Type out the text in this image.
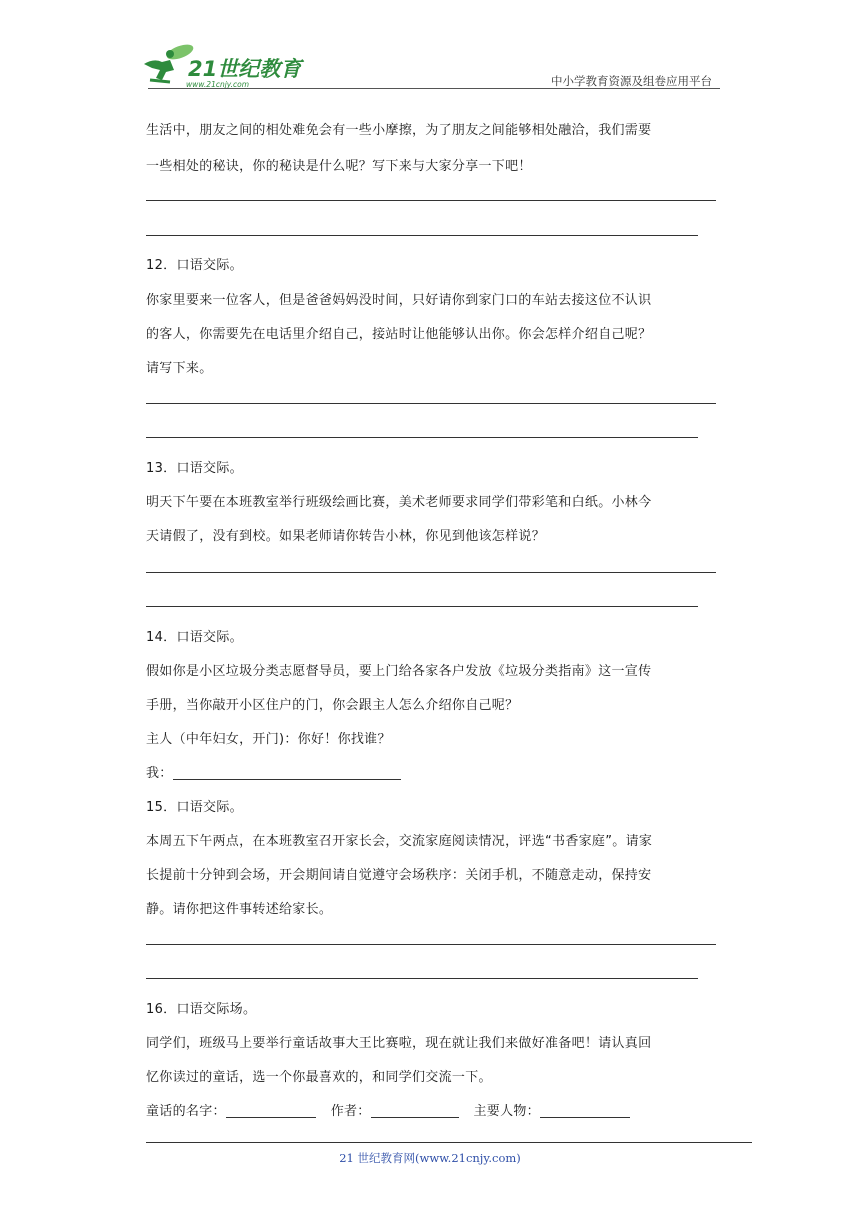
21世纪教育
www.21cnjy.com	中小学教育资源及组卷应用平台
生活中，朋友之间的相处难免会有一些小摩擦，为了朋友之间能够相处融洽，我们需要
一些相处的秘诀，你的秘诀是什么呢？写下来与大家分享一下吧！
12．口语交际。
你家里要来一位客人，但是爸爸妈妈没时间，只好请你到家门口的车站去接这位不认识
的客人，你需要先在电话里介绍自己，接站时让他能够认出你。你会怎样介绍自己呢？
请写下来。
13．口语交际。
明天下午要在本班教室举行班级绘画比赛，美术老师要求同学们带彩笔和白纸。小林今
天请假了，没有到校。如果老师请你转告小林，你见到他该怎样说？
14．口语交际。
假如你是小区垃圾分类志愿督导员，要上门给各家各户发放《垃圾分类指南》这一宣传
手册，当你敲开小区住户的门，你会跟主人怎么介绍你自己呢？
主人（中年妇女，开门)：你好！你找谁？
我：
15．口语交际。
本周五下午两点，在本班教室召开家长会，交流家庭阅读情况，评选“书香家庭”。请家
长提前十分钟到会场，开会期间请自觉遵守会场秩序：关闭手机，不随意走动，保持安
静。请你把这件事转述给家长。
16．口语交际场。
同学们，班级马上要举行童话故事大王比赛啦，现在就让我们来做好准备吧！请认真回
忆你读过的童话，选一个你最喜欢的，和同学们交流一下。
童话的名字：	作者：	主要人物：
21 世纪教育网(www.21cnjy.com)
